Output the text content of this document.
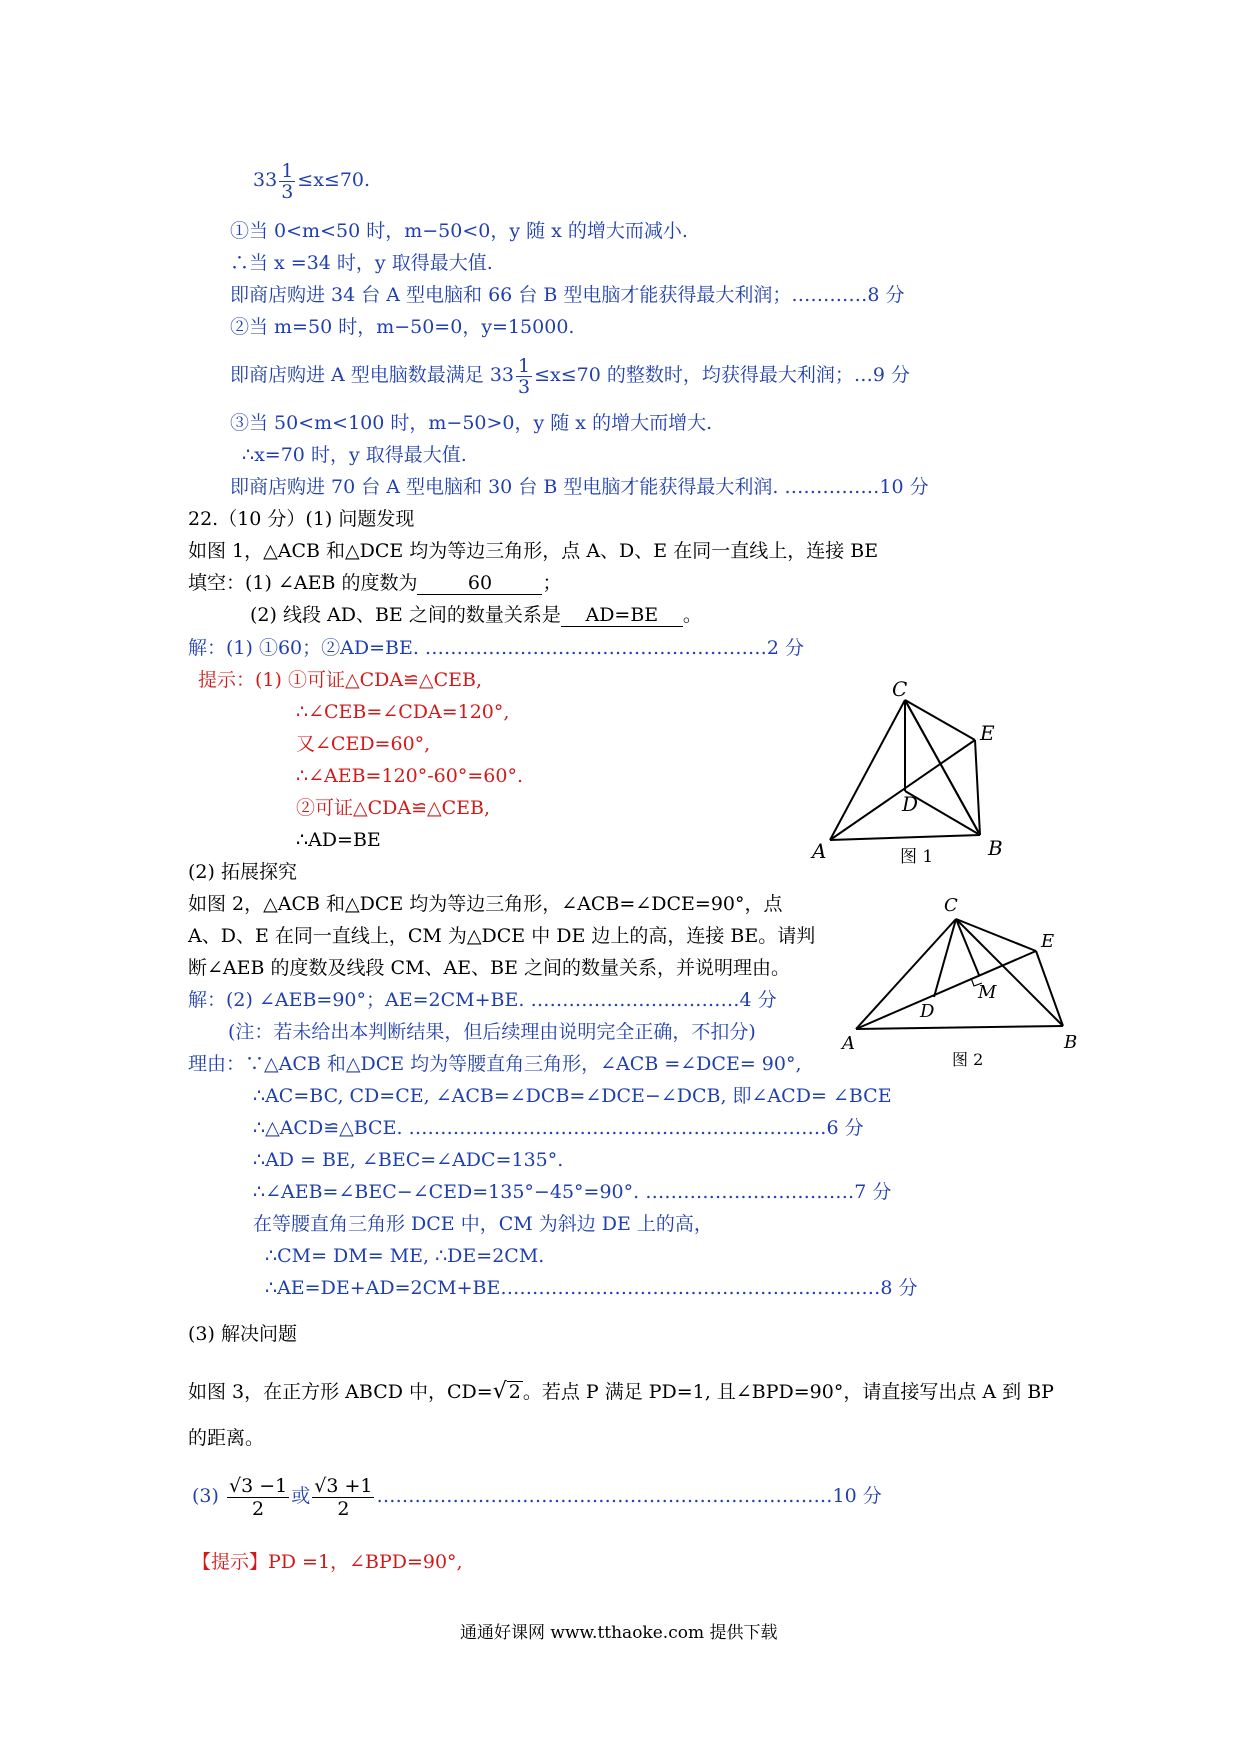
$33 \frac{1}{3} \le x\le 70$.
①当 0<m<50 时，m−50<0，y 随 x 的增大而减小.
∴当 x =34 时，y 取得最大值.
即商店购进 34 台 A 型电脑和 66 台 B 型电脑才能获得最大利润；…………8 分
②当 m=50 时，m−50=0，y=15000.
即商店购进 A 型电脑数最满足 $33 \frac{1}{3} \le x\le 70$ 的整数时，均获得最大利润；…9 分
③当 50<m<100 时，m−50>0，y 随 x 的增大而增大.
∴x=70 时，y 取得最大值.
即商店购进 70 台 A 型电脑和 30 台 B 型电脑才能获得最大利润. ……………10 分
22.（10 分）(1) 问题发现
如图 1，△ACB 和△DCE 均为等边三角形，点 A、D、E 在同一直线上，连接 BE
填空：(1) ∠AEB 的度数为	60	；
(2) 线段 AD、BE 之间的数量关系是 AD=BE 。
解：(1) ①60；②AD=BE. ………………………………………………2 分
提示：(1) ①可证△CDA≌△CEB,
∴∠CEB=∠CDA=120°,
又∠CED=60°,
∴∠AEB=120°-60°=60°.
②可证△CDA≌△CEB,
∴AD=BE
C
E
D
A	B
图 1
(2) 拓展探究
如图 2，△ACB 和△DCE 均为等边三角形，∠ACB=∠DCE=90°，点
A、D、E 在同一直线上，CM 为△DCE 中 DE 边上的高，连接 BE。请判
断∠AEB 的度数及线段 CM、AE、BE 之间的数量关系，并说明理由。
解：(2) ∠AEB=90°；AE=2CM+BE. ……………………………4 分
(注：若未给出本判断结果，但后续理由说明完全正确，不扣分)
理由：∵△ACB 和△DCE 均为等腰直角三角形，∠ACB =∠DCE= 90°,
∴AC=BC, CD=CE, ∠ACB=∠DCB=∠DCE−∠DCB, 即∠ACD= ∠BCE
∴△ACD≌△BCE. …………………………………………………………6 分
∴AD = BE, ∠BEC=∠ADC=135°.
∴∠AEB=∠BEC−∠CED=135°−45°=90°. ……………………………7 分
在等腰直角三角形 DCE 中，CM 为斜边 DE 上的高，
∴CM= DM= ME, ∴DE=2CM.
∴AE=DE+AD=2CM+BE……………………………………………………8 分
C
E
M
D
A	B
图 2
(3) 解决问题
如图 3，在正方形 ABCD 中，CD=√ 2 。若点 P 满足 PD=1, 且∠BPD=90°，请直接写出点 A 到 BP
的距离。
$(3) \frac{√3 -1}{2}$ 或 $\frac{√3 +1}{2}$ ………………………………………………………………10 分
【提示】PD =1，∠BPD=90°,
通通好课网 www.tthaoke.com 提供下载
